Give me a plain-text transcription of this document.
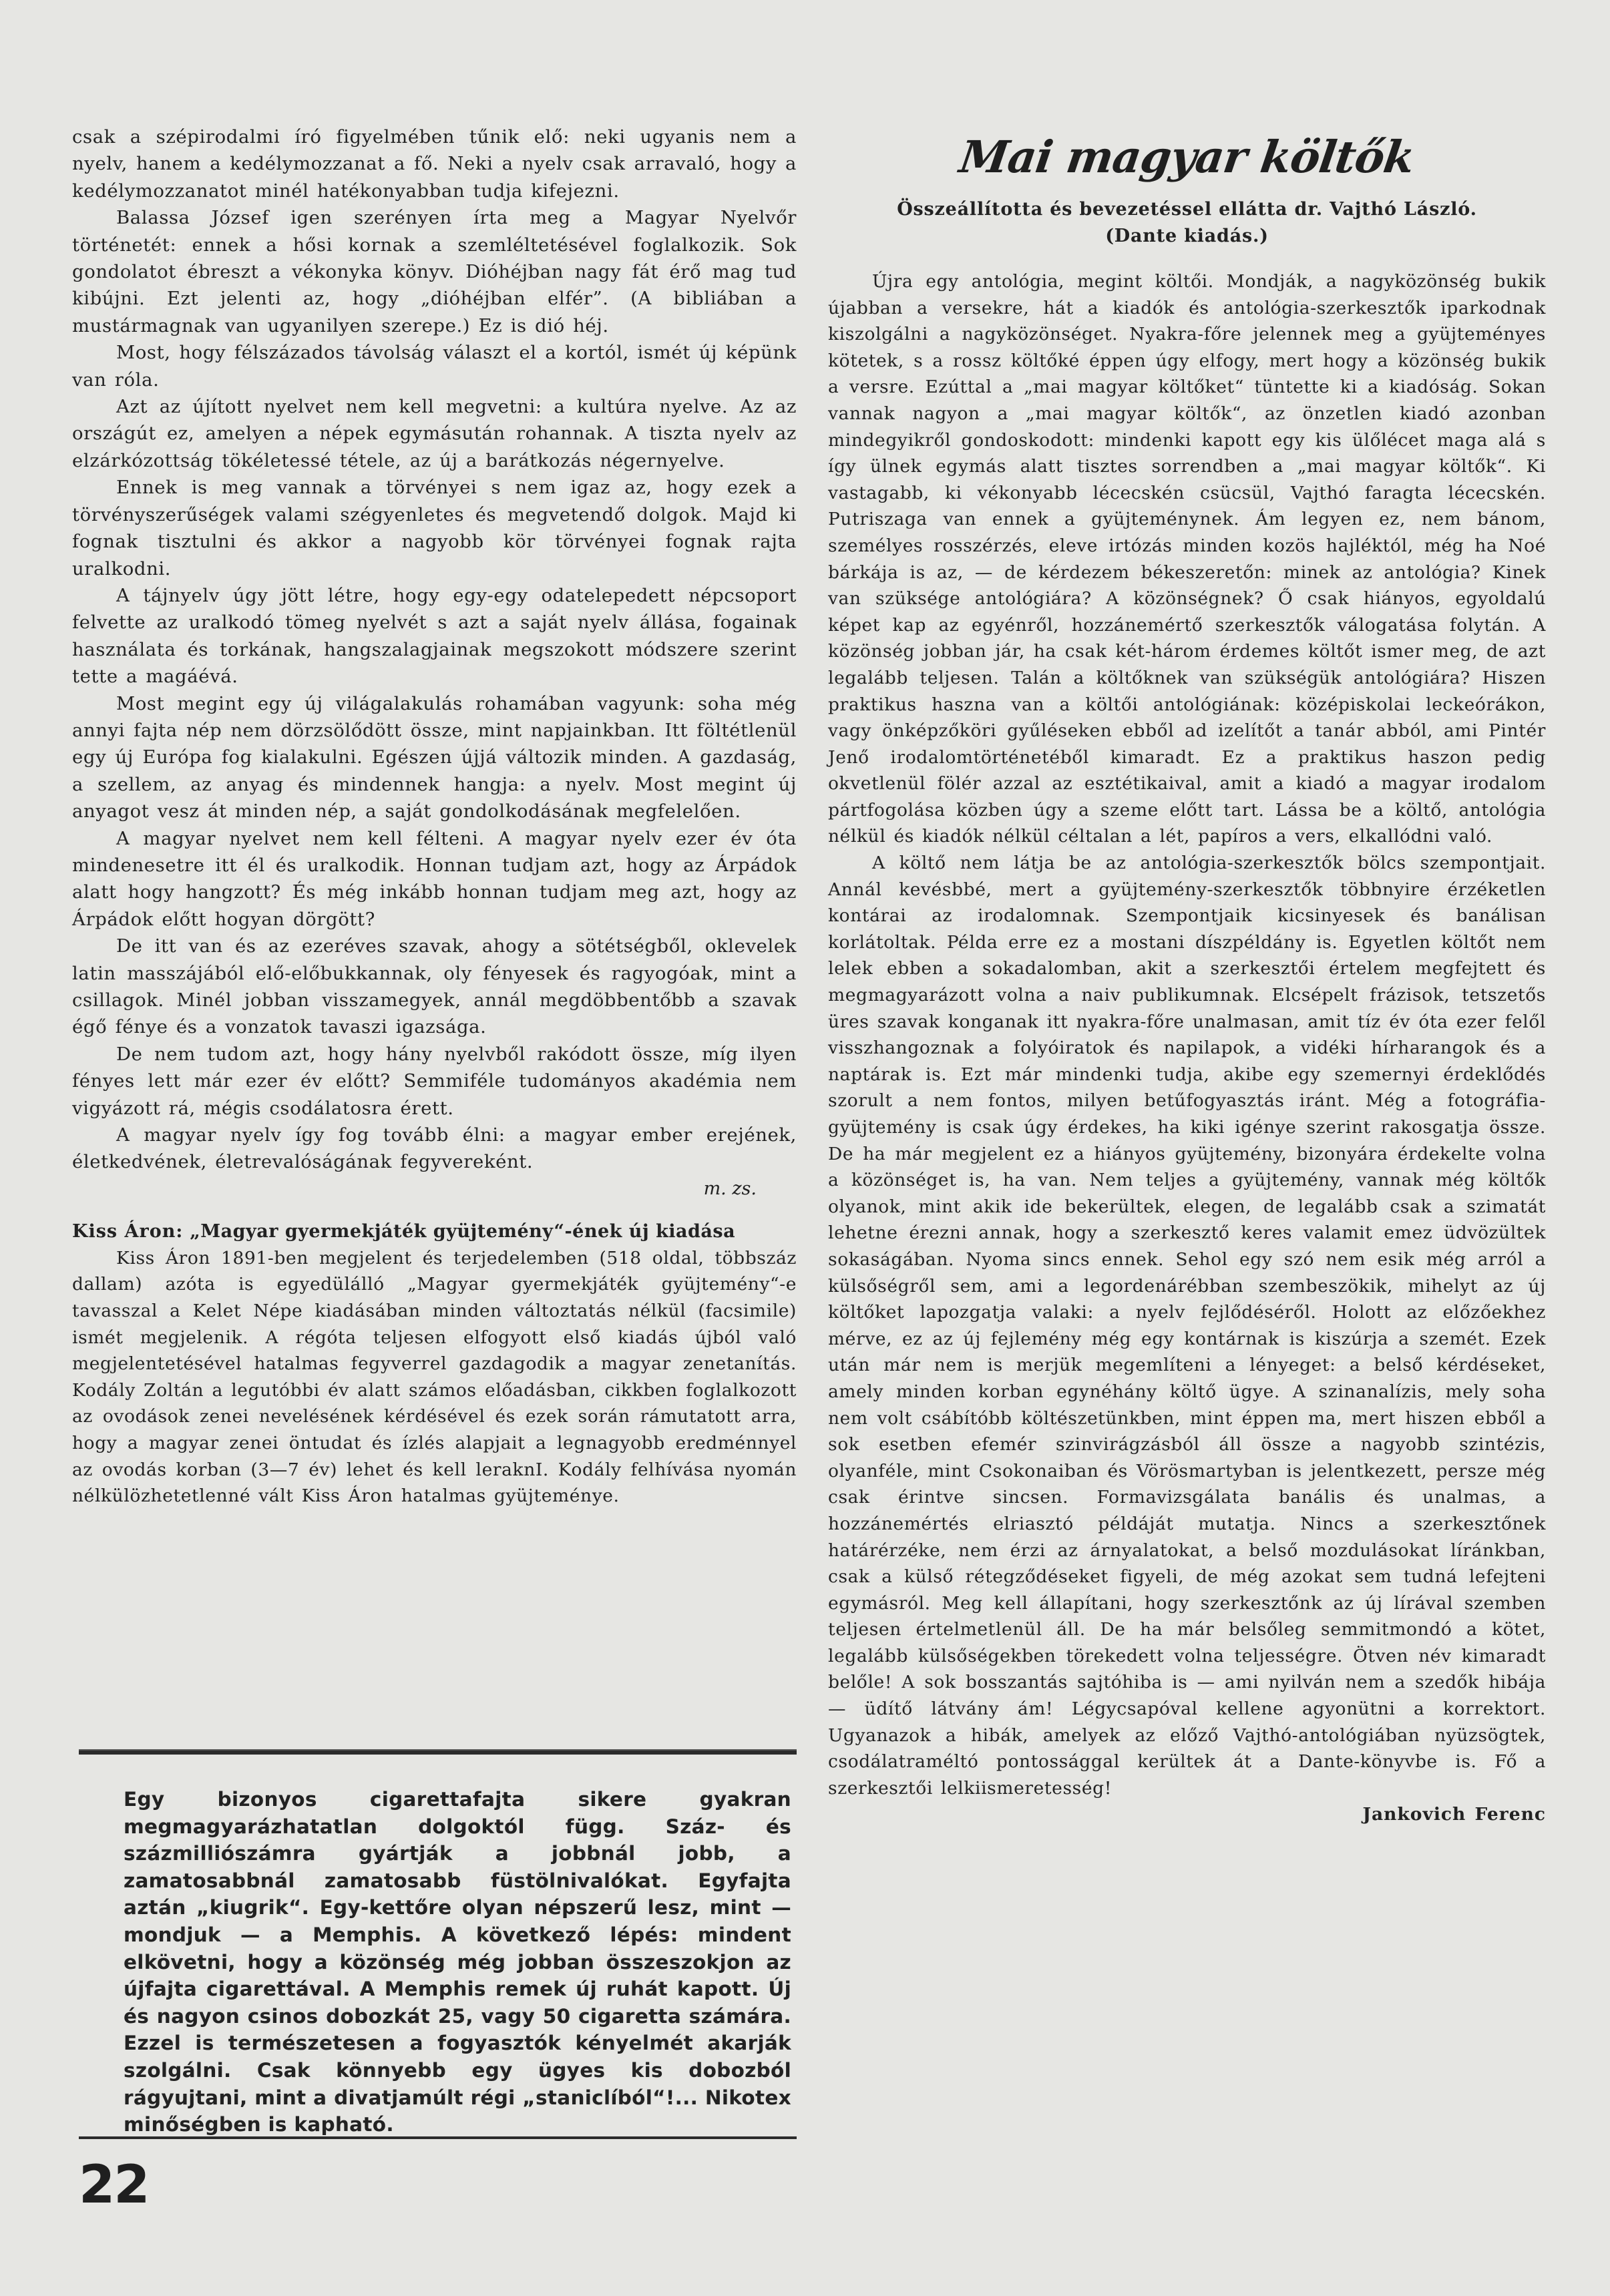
csak a szépirodalmi író figyelmében tűnik elő: neki ugyanis nem a nyelv, hanem a kedélymozzanat a fő. Neki a nyelv csak arravaló, hogy a kedélymozzanatot minél hatékonyabban tudja kifejezni.

Balassa József igen szerényen írta meg a Magyar Nyelvőr történetét: ennek a hősi kornak a szemléltetésével foglalkozik. Sok gondolatot ébreszt a vékonyka könyv. Dióhéjban nagy fát érő mag tud kibújni. Ezt jelenti az, hogy „dióhéjban elfér”. (A bibliában a mustármagnak van ugyanilyen szerepe.) Ez is dió héj.

Most, hogy félszázados távolság választ el a kortól, ismét új képünk van róla.

Azt az újított nyelvet nem kell megvetni: a kultúra nyelve. Az az országút ez, amelyen a népek egymásután rohannak. A tiszta nyelv az elzárkózottság tökéletessé tétele, az új a barátkozás négernyelve.

Ennek is meg vannak a törvényei s nem igaz az, hogy ezek a törvényszerűségek valami szégyenletes és megvetendő dolgok. Majd ki fognak tisztulni és akkor a nagyobb kör törvényei fognak rajta uralkodni.

A tájnyelv úgy jött létre, hogy egy-egy odatelepedett népcsoport felvette az uralkodó tömeg nyelvét s azt a saját nyelv állása, fogainak használata és torkának, hangszalagjainak megszokott módszere szerint tette a magáévá.

Most megint egy új világalakulás rohamában vagyunk: soha még annyi fajta nép nem dörzsölődött össze, mint napjainkban. Itt föltétlenül egy új Európa fog kialakulni. Egészen újjá változik minden. A gazdaság, a szellem, az anyag és mindennek hangja: a nyelv. Most megint új anyagot vesz át minden nép, a saját gondolkodásának megfelelően.

A magyar nyelvet nem kell félteni. A magyar nyelv ezer év óta mindenesetre itt él és uralkodik. Honnan tudjam azt, hogy az Árpádok alatt hogy hangzott? És még inkább honnan tudjam meg azt, hogy az Árpádok előtt hogyan dörgött?

De itt van és az ezeréves szavak, ahogy a sötétségből, oklevelek latin masszájából elő-előbukkannak, oly fényesek és ragyogóak, mint a csillagok. Minél jobban visszamegyek, annál megdöbbentőbb a szavak égő fénye és a vonzatok tavaszi igazsága.

De nem tudom azt, hogy hány nyelvből rakódott össze, míg ilyen fényes lett már ezer év előtt? Semmiféle tudományos akadémia nem vigyázott rá, mégis csodálatosra érett.

A magyar nyelv így fog tovább élni: a magyar ember erejének, életkedvének, életrevalóságának fegyvereként.

m. zs.

Kiss Áron: „Magyar gyermekjáték gyüjtemény“-ének új kiadása

Kiss Áron 1891-ben megjelent és terjedelemben (518 oldal, többszáz dallam) azóta is egyedülálló „Magyar gyermekjáték gyüjtemény“-e tavasszal a Kelet Népe kiadásában minden változtatás nélkül (facsimile) ismét megjelenik. A régóta teljesen elfogyott első kiadás újból való megjelentetésével hatalmas fegyverrel gazdagodik a magyar zenetanítás. Kodály Zoltán a legutóbbi év alatt számos előadásban, cikkben foglalkozott az ovodások zenei nevelésének kérdésével és ezek során rámutatott arra, hogy a magyar zenei öntudat és ízlés alapjait a legnagyobb eredménnyel az ovodás korban (3—7 év) lehet és kell leraknI. Kodály felhívása nyomán nélkülözhetetlenné vált Kiss Áron hatalmas gyüjteménye.

Egy bizonyos cigarettafajta sikere gyakran megmagyarázhatatlan dolgoktól függ. Száz- és százmilliószámra gyártják a jobbnál jobb, a zamatosabbnál zamatosabb füstölnivalókat. Egyfajta aztán „kiugrik“. Egy-kettőre olyan népszerű lesz, mint — mondjuk — a Memphis. A következő lépés: mindent elkövetni, hogy a közönség még jobban összeszokjon az újfajta cigarettával. A Memphis remek új ruhát kapott. Új és nagyon csinos dobozkát 25, vagy 50 cigaretta számára. Ezzel is természetesen a fogyasztók kényelmét akarják szolgálni. Csak könnyebb egy ügyes kis dobozból rágyujtani, mint a divatjamúlt régi „staniclíból“!... Nikotex minőségben is kapható.
22

Mai magyar költők

Összeállította és bevezetéssel ellátta dr. Vajthó László.
(Dante kiadás.)

Újra egy antológia, megint költői. Mondják, a nagyközönség bukik újabban a versekre, hát a kiadók és antológia-szerkesztők iparkodnak kiszolgálni a nagyközönséget. Nyakra-főre jelennek meg a gyüjteményes kötetek, s a rossz költőké éppen úgy elfogy, mert hogy a közönség bukik a versre. Ezúttal a „mai magyar költőket“ tüntette ki a kiadóság. Sokan vannak nagyon a „mai magyar költők“, az önzetlen kiadó azonban mindegyikről gondoskodott: mindenki kapott egy kis ülőlécet maga alá s így ülnek egymás alatt tisztes sorrendben a „mai magyar költők“. Ki vastagabb, ki vékonyabb lécecskén csücsül, Vajthó faragta lécecskén. Putriszaga van ennek a gyüjteménynek. Ám legyen ez, nem bánom, személyes rosszérzés, eleve irtózás minden kozös hajléktól, még ha Noé bárkája is az, — de kérdezem békeszeretőn: minek az antológia? Kinek van szüksége antológiára? A közönségnek? Ő csak hiányos, egyoldalú képet kap az egyénről, hozzánemértő szerkesztők válogatása folytán. A közönség jobban jár, ha csak két-három érdemes költőt ismer meg, de azt legalább teljesen. Talán a költőknek van szükségük antológiára? Hiszen praktikus haszna van a költői antológiának: középiskolai leckeórákon, vagy önképzőköri gyűléseken ebből ad izelítőt a tanár abból, ami Pintér Jenő irodalomtörténetéből kimaradt. Ez a praktikus haszon pedig okvetlenül fölér azzal az esztétikaival, amit a kiadó a magyar irodalom pártfogolása közben úgy a szeme előtt tart. Lássa be a költő, antológia nélkül és kiadók nélkül céltalan a lét, papíros a vers, elkallódni való.

A költő nem látja be az antológia-szerkesztők bölcs szempontjait. Annál kevésbbé, mert a gyüjtemény-szerkesztők többnyire érzéketlen kontárai az irodalomnak. Szempontjaik kicsinyesek és banálisan korlátoltak. Példa erre ez a mostani díszpéldány is. Egyetlen költőt nem lelek ebben a sokadalomban, akit a szerkesztői értelem megfejtett és megmagyarázott volna a naiv publikumnak. Elcsépelt frázisok, tetszetős üres szavak konganak itt nyakra-főre unalmasan, amit tíz év óta ezer felől visszhangoznak a folyóiratok és napilapok, a vidéki hírharangok és a naptárak is. Ezt már mindenki tudja, akibe egy szemernyi érdeklődés szorult a nem fontos, milyen betűfogyasztás iránt. Még a fotográfia-gyüjtemény is csak úgy érdekes, ha kiki igénye szerint rakosgatja össze. De ha már megjelent ez a hiányos gyüjtemény, bizonyára érdekelte volna a közönséget is, ha van. Nem teljes a gyüjtemény, vannak még költők olyanok, mint akik ide bekerültek, elegen, de legalább csak a szimatát lehetne érezni annak, hogy a szerkesztő keres valamit emez üdvözültek sokaságában. Nyoma sincs ennek. Sehol egy szó nem esik még arról a külsőségről sem, ami a legordenárébban szembeszökik, mihelyt az új költőket lapozgatja valaki: a nyelv fejlődéséről. Holott az előzőekhez mérve, ez az új fejlemény még egy kontárnak is kiszúrja a szemét. Ezek után már nem is merjük megemlíteni a lényeget: a belső kérdéseket, amely minden korban egynéhány költő ügye. A szinanalízis, mely soha nem volt csábítóbb költészetünkben, mint éppen ma, mert hiszen ebből a sok esetben efemér szinvirágzásból áll össze a nagyobb szintézis, olyanféle, mint Csokonaiban és Vörösmartyban is jelentkezett, persze még csak érintve sincsen. Formavizsgálata banális és unalmas, a hozzánemértés elriasztó példáját mutatja. Nincs a szerkesztőnek határérzéke, nem érzi az árnyalatokat, a belső mozdulásokat líránkban, csak a külső rétegződéseket figyeli, de még azokat sem tudná lefejteni egymásról. Meg kell állapítani, hogy szerkesztőnk az új lírával szemben teljesen értelmetlenül áll. De ha már belsőleg semmitmondó a kötet, legalább külsőségekben törekedett volna teljességre. Ötven név kimaradt belőle! A sok bosszantás sajtóhiba is — ami nyilván nem a szedők hibája — üdítő látvány ám! Légycsapóval kellene agyonütni a korrektort. Ugyanazok a hibák, amelyek az előző Vajthó-antológiában nyüzsögtek, csodálatraméltó pontossággal kerültek át a Dante-könyvbe is. Fő a szerkesztői lelkiismeretesség!

Jankovich Ferenc
